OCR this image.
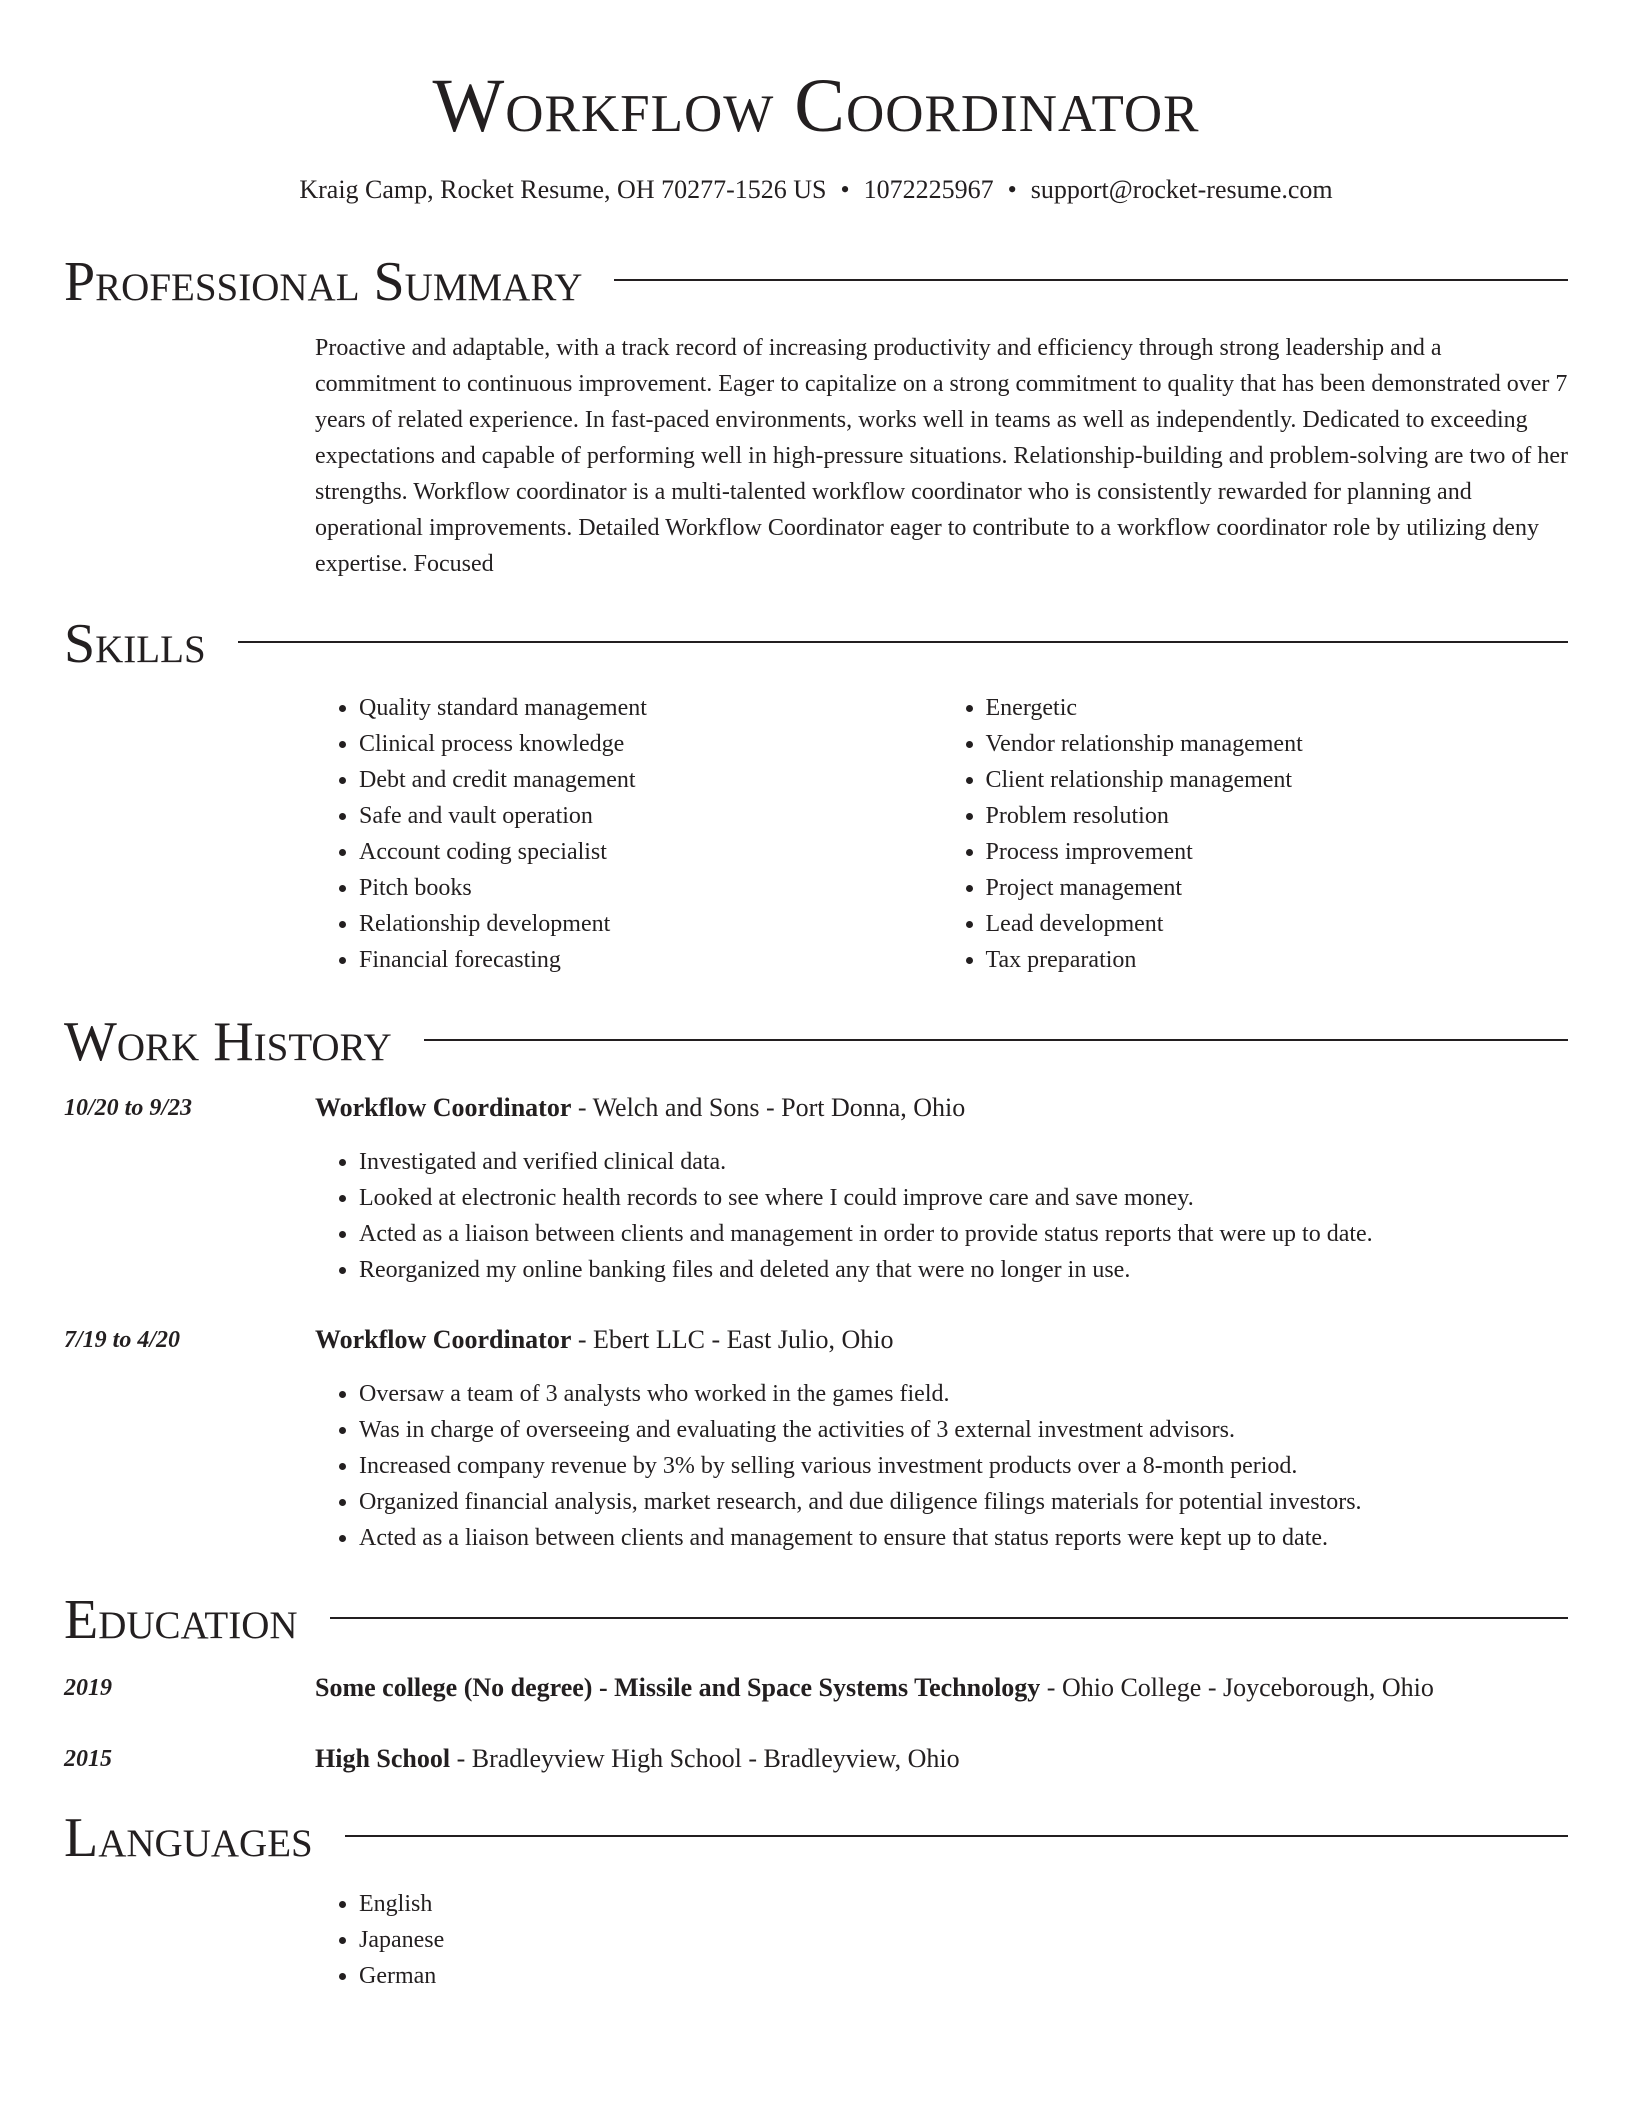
Workflow Coordinator
Kraig Camp, Rocket Resume, OH 70277-1526 US • 1072225967 • support@rocket-resume.com
Professional Summary

Proactive and adaptable, with a track record of increasing productivity and efficiency through strong leadership and a commitment to continuous improvement. Eager to capitalize on a strong commitment to quality that has been demonstrated over 7 years of related experience. In fast-paced environments, works well in teams as well as independently. Dedicated to exceeding expectations and capable of performing well in high-pressure situations. Relationship-building and problem-solving are two of her strengths. Workflow coordinator is a multi-talented workflow coordinator who is consistently rewarded for planning and operational improvements. Detailed Workflow Coordinator eager to contribute to a workflow coordinator role by utilizing deny expertise. Focused

Skills
• Quality standard management
• Clinical process knowledge
• Debt and credit management
• Safe and vault operation
• Account coding specialist
• Pitch books
• Relationship development
• Financial forecasting
• Energetic
• Vendor relationship management
• Client relationship management
• Problem resolution
• Process improvement
• Project management
• Lead development
• Tax preparation
Work History
10/20 to 9/23	Workflow Coordinator - Welch and Sons - Port Donna, Ohio
• Investigated and verified clinical data.
• Looked at electronic health records to see where I could improve care and save money.
• Acted as a liaison between clients and management in order to provide status reports that were up to date.
• Reorganized my online banking files and deleted any that were no longer in use.
7/19 to 4/20	Workflow Coordinator - Ebert LLC - East Julio, Ohio
• Oversaw a team of 3 analysts who worked in the games field.
• Was in charge of overseeing and evaluating the activities of 3 external investment advisors.
• Increased company revenue by 3% by selling various investment products over a 8-month period.
• Organized financial analysis, market research, and due diligence filings materials for potential investors.
• Acted as a liaison between clients and management to ensure that status reports were kept up to date.
Education
2019	Some college (No degree) - Missile and Space Systems Technology - Ohio College - Joyceborough, Ohio
2015	High School - Bradleyview High School - Bradleyview, Ohio
Languages
• English
• Japanese
• German
